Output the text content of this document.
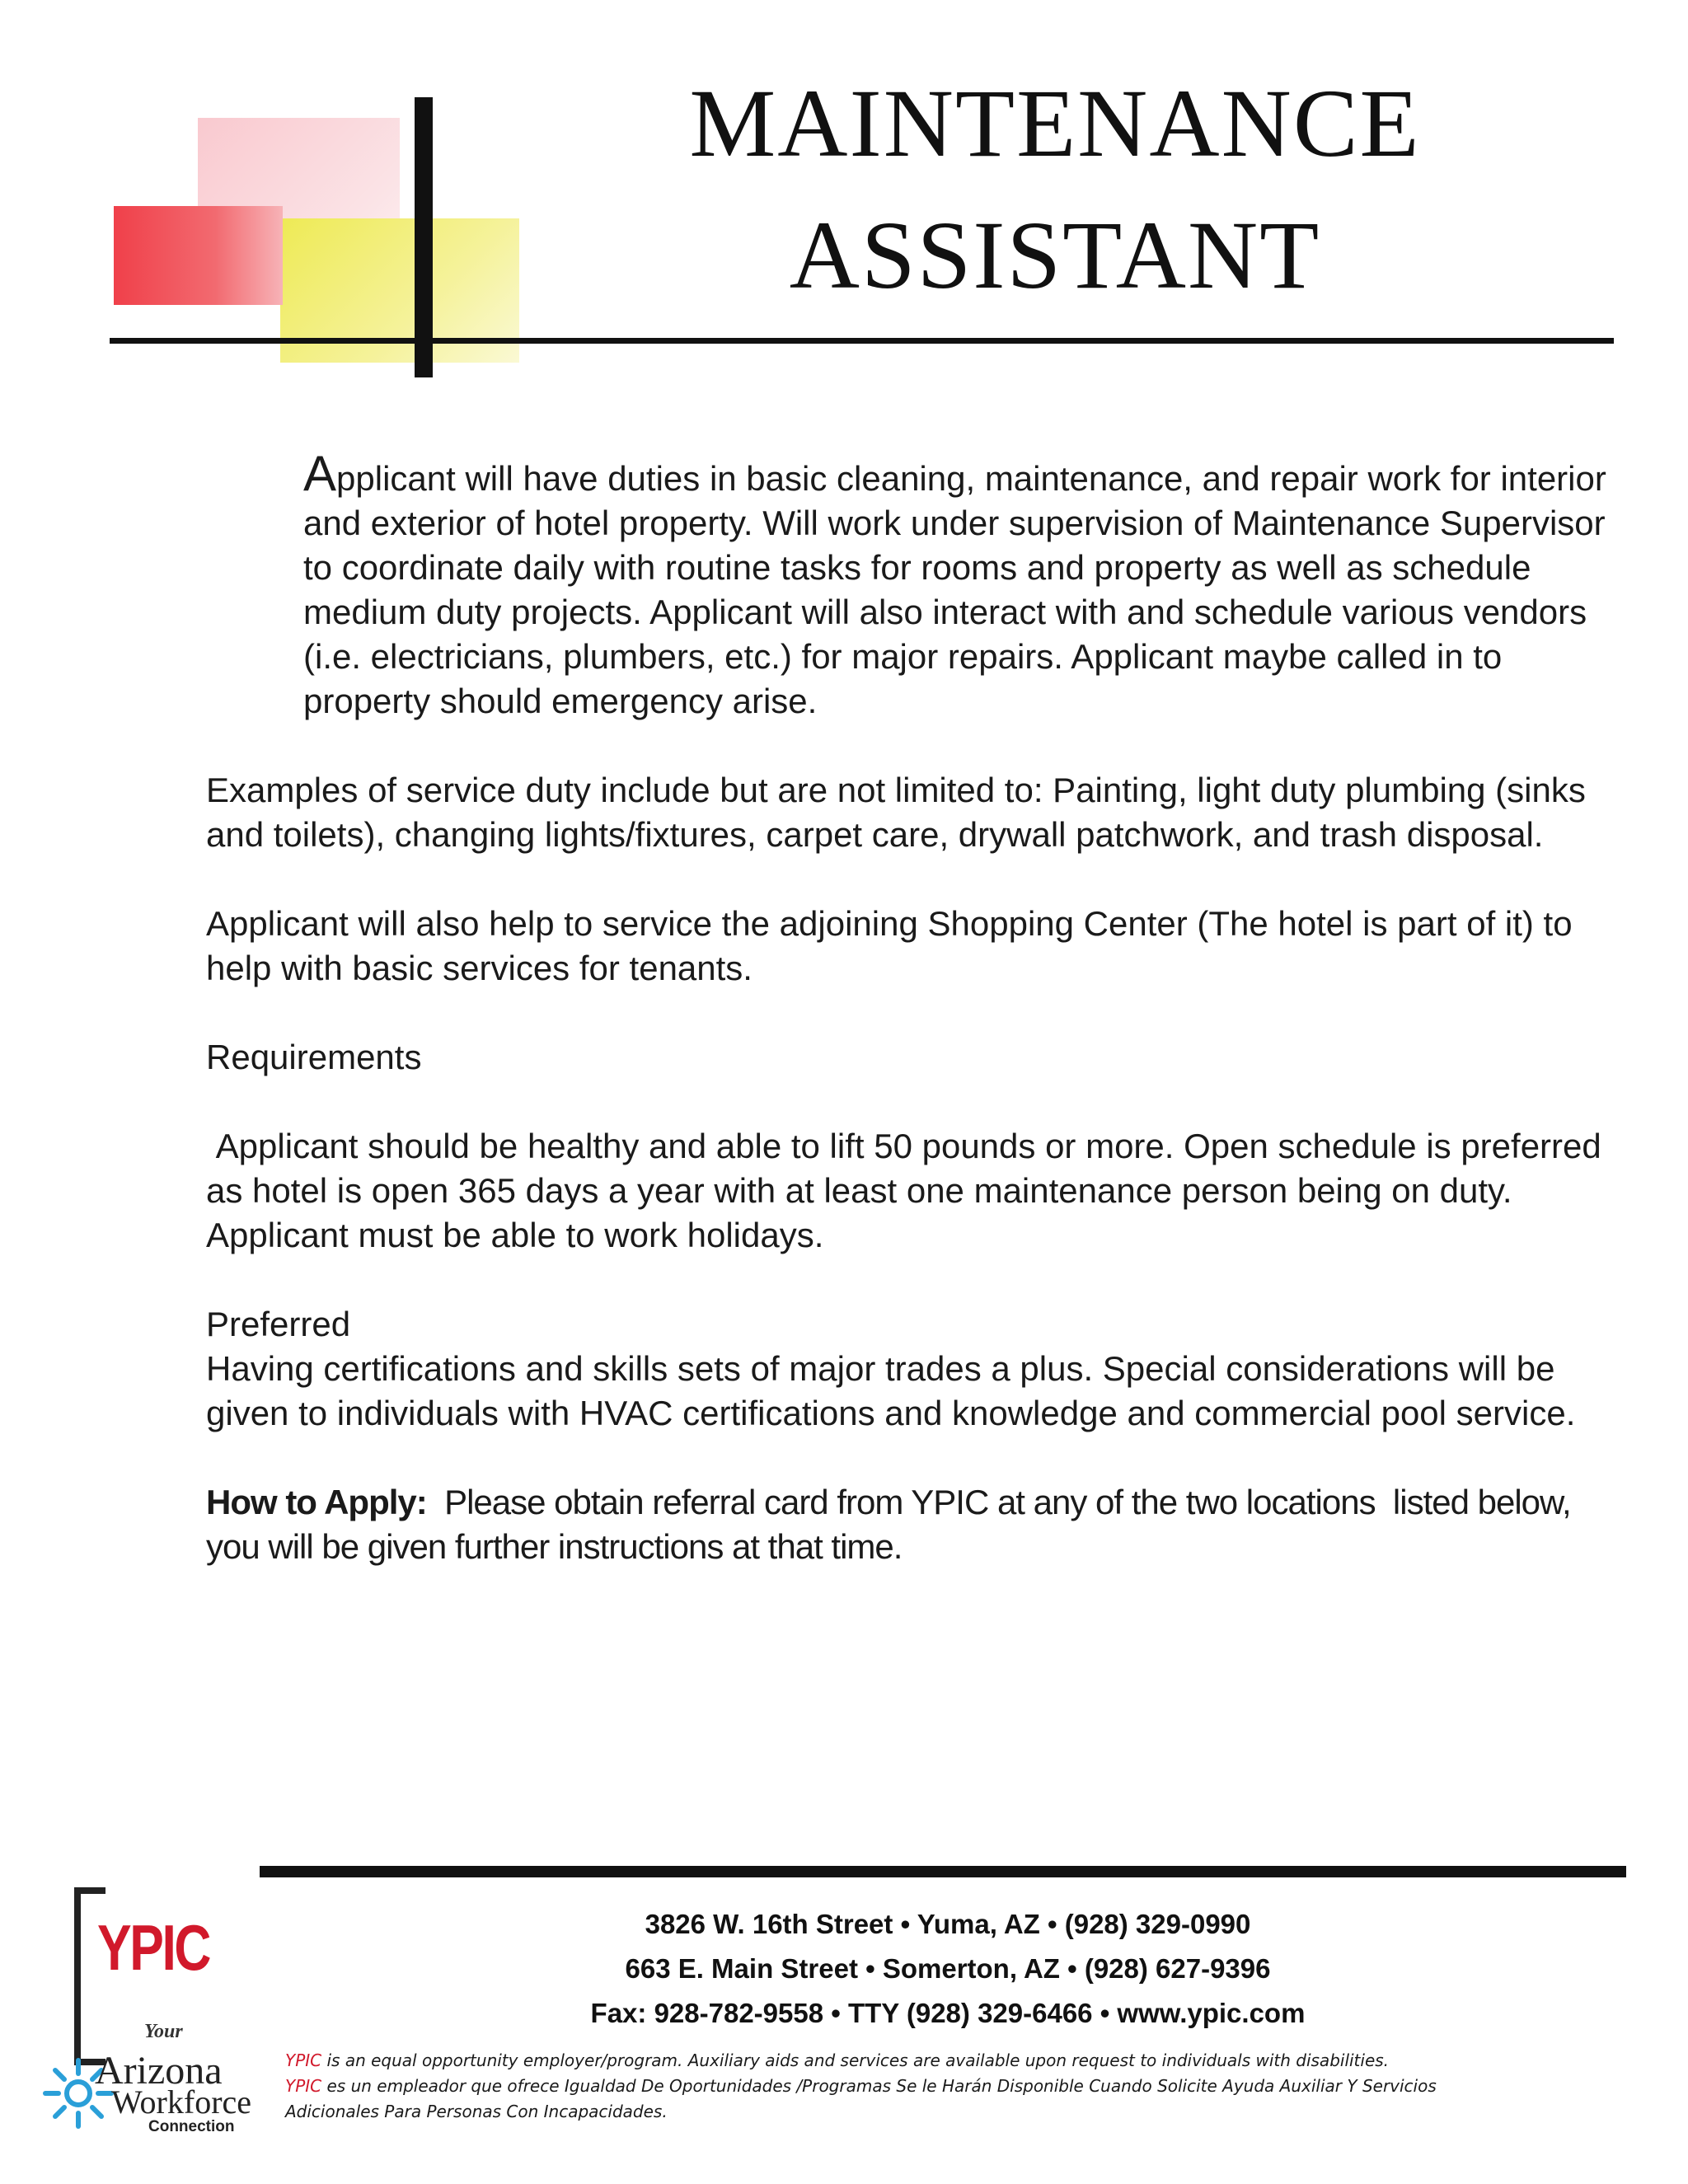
MAINTENANCE
ASSISTANT

Applicant will have duties in basic cleaning, maintenance, and repair work for interior and exterior of hotel property. Will work under supervision of Maintenance Supervisor to coordinate daily with routine tasks for rooms and property as well as schedule medium duty projects. Applicant will also interact with and schedule various vendors (i.e. electricians, plumbers, etc.) for major repairs. Applicant maybe called in to property should emergency arise.

Examples of service duty include but are not limited to: Painting, light duty plumbing (sinks and toilets), changing lights/fixtures, carpet care, drywall patchwork, and trash disposal.

Applicant will also help to service the adjoining Shopping Center (The hotel is part of it) to help with basic services for tenants.

Requirements

Applicant should be healthy and able to lift 50 pounds or more. Open schedule is preferred as hotel is open 365 days a year with at least one maintenance person being on duty. Applicant must be able to work holidays.

Preferred

Having certifications and skills sets of major trades a plus. Special considerations will be given to individuals with HVAC certifications and knowledge and commercial pool service.

How to Apply:  Please obtain referral card from YPIC at any of the two locations  listed below, you will be given further instructions at that time.

3826 W. 16th Street • Yuma, AZ • (928) 329-0990
663 E. Main Street • Somerton, AZ • (928) 627-9396
Fax: 928-782-9558 • TTY (928) 329-6466 • www.ypic.com
YPIC is an equal opportunity employer/program. Auxiliary aids and services are available upon request to individuals with disabilities.
YPIC es un empleador que ofrece Igualdad De Oportunidades /Programas Se le Harán Disponible Cuando Solicite Ayuda Auxiliar Y Servicios
Adicionales Para Personas Con Incapacidades.
YPIC
Your
Arizona
Workforce
Connection
